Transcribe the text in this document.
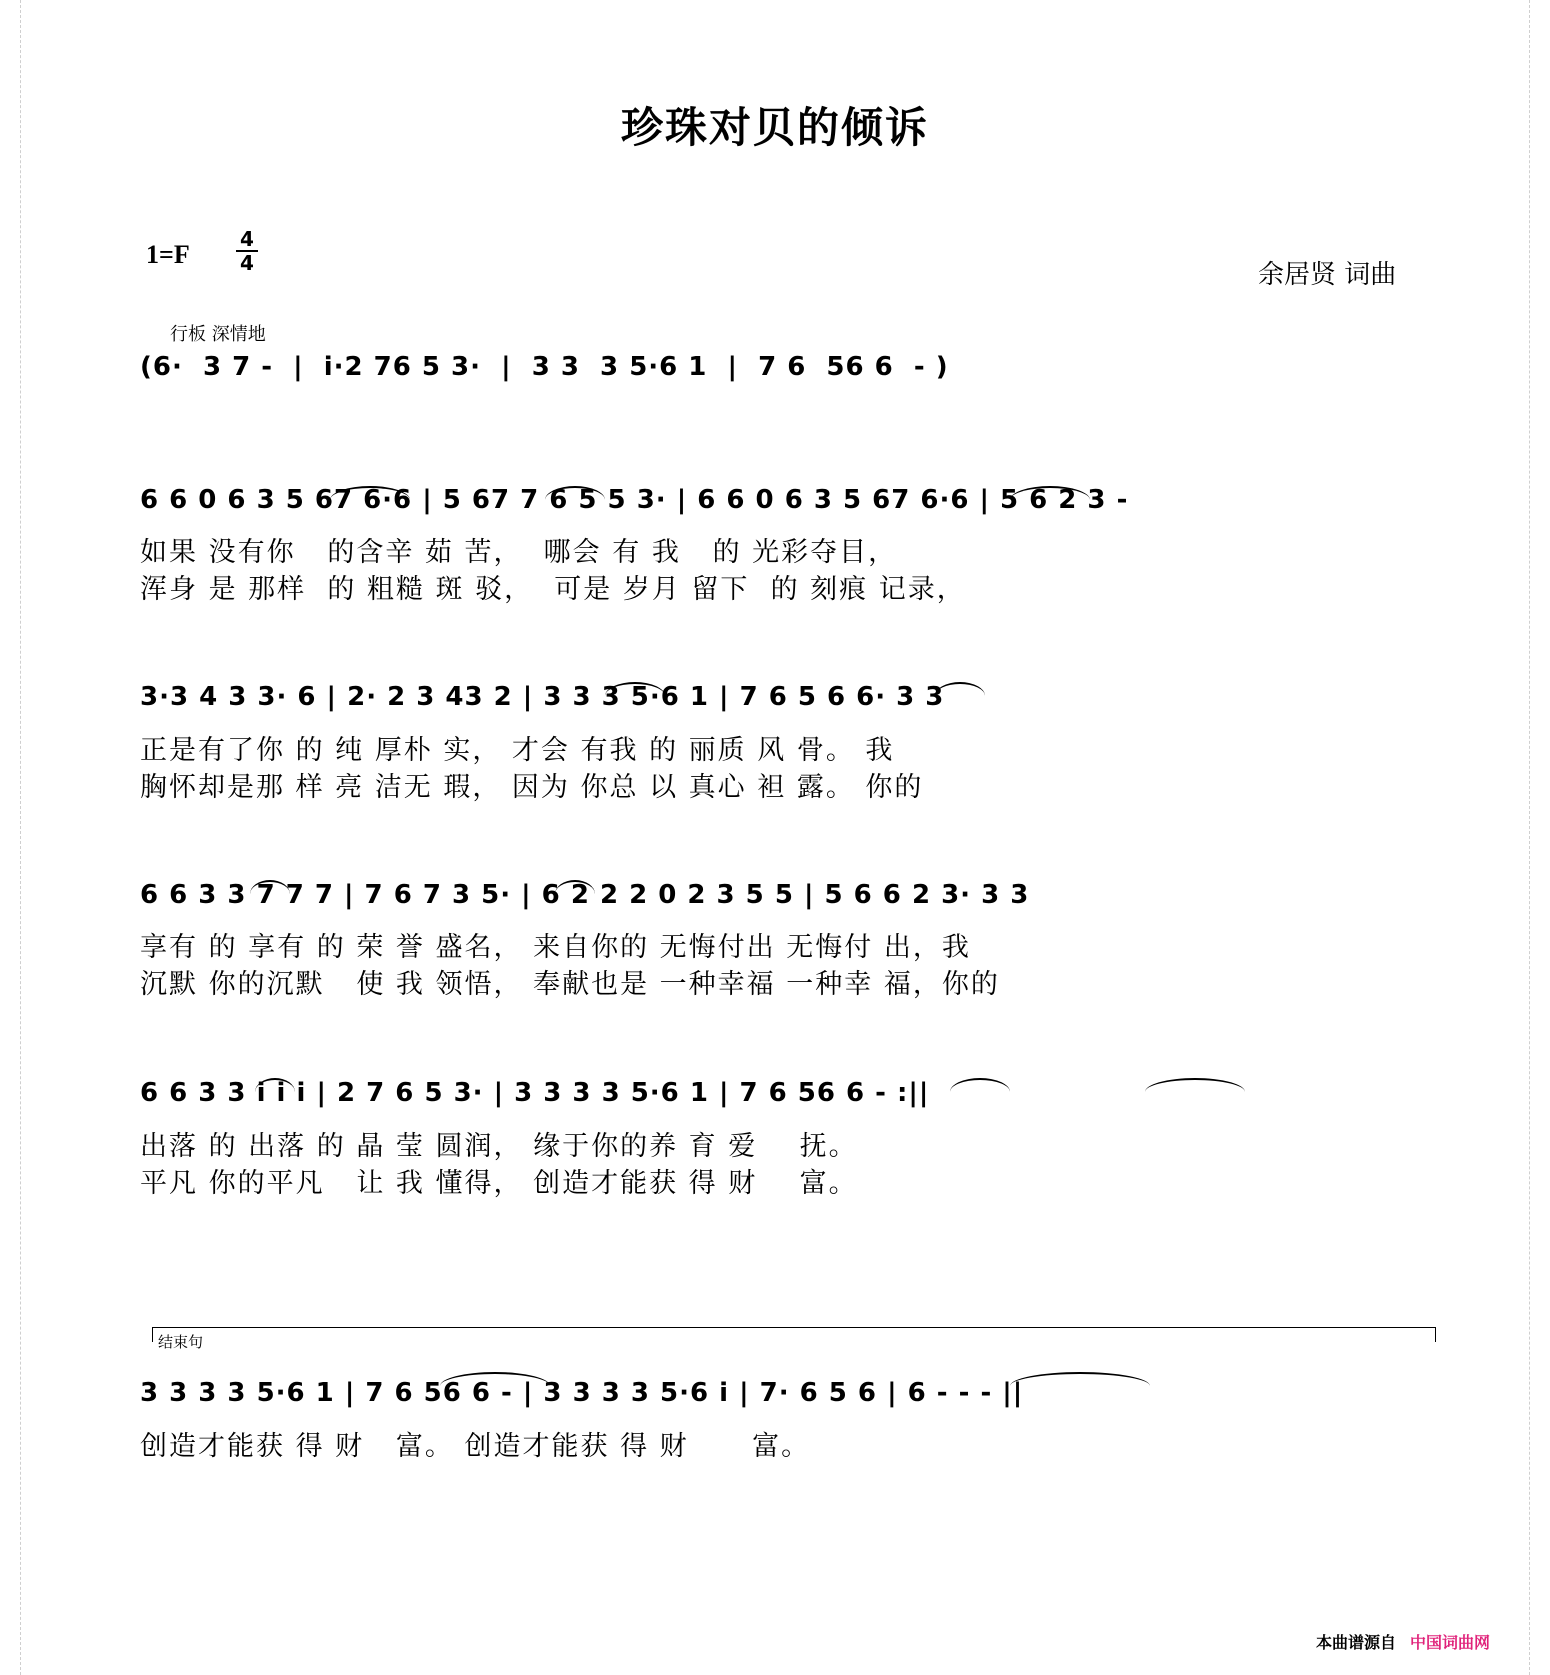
珍珠对贝的倾诉
1=F
4
4	余居贤 词曲
行板 深情地
(6·  3 7 -  |  i·2 76 5 3·  |  3 3  3 5·6 1  |  7 6  56 6  - )
6 6 0 6 3 5 67 6·6 | 5 67 7 6 5 5 3· | 6 6 0 6 3 5 67 6·6 | 5 6 2 3 -
如果 没有你   的含辛 茹 苦，  哪会 有 我   的 光彩夺目，
浑身 是 那样  的 粗糙 斑 驳，  可是 岁月 留下  的 刻痕 记录，
3·3 4 3 3· 6 | 2· 2 3 43 2 | 3 3 3 5·6 1 | 7 6 5 6 6· 3 3
正是有了你 的 纯 厚朴 实， 才会 有我 的 丽质 风 骨。 我
胸怀却是那 样 亮 洁无 瑕， 因为 你总 以 真心 袒 露。 你的
6 6 3 3 7 7 7 | 7 6 7 3 5· | 6 2 2 2 0 2 3 5 5 | 5 6 6 2 3· 3 3
享有 的 享有 的 荣 誉 盛名， 来自你的 无悔付出 无悔付 出，我
沉默 你的沉默   使 我 领悟， 奉献也是 一种幸福 一种幸 福，你的
6 6 3 3 i i i | 2 7 6 5 3· | 3 3 3 3 5·6 1 | 7 6 56 6 - :||
出落 的 出落 的 晶 莹 圆润， 缘于你的养 育 爱    抚。
平凡 你的平凡   让 我 懂得， 创造才能获 得 财    富。
结束句
3 3 3 3 5·6 1 | 7 6 56 6 - | 3 3 3 3 5·6 i | 7· 6 5 6 | 6 - - - ||
创造才能获 得 财   富。 创造才能获 得 财      富。
本曲谱源自 中国词曲网
